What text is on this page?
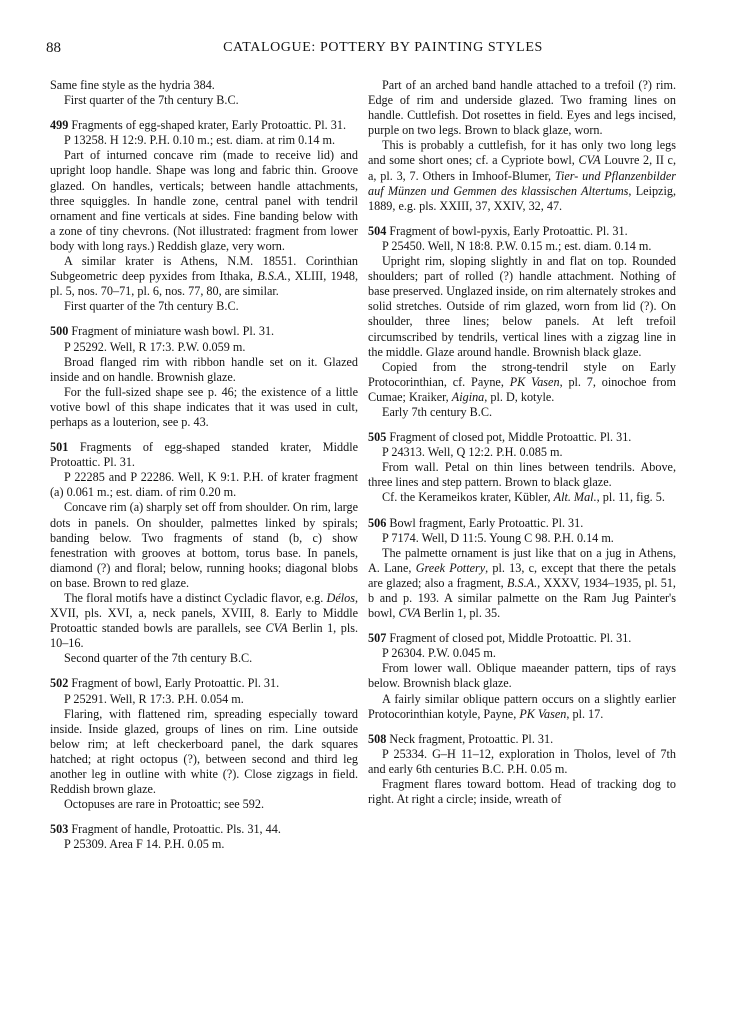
88	CATALOGUE: POTTERY BY PAINTING STYLES

Same fine style as the hydria 384.

First quarter of the 7th century B.C.

499 Fragments of egg-shaped krater, Early Protoattic. Pl. 31.

P 13258. H 12:9. P.H. 0.10 m.; est. diam. at rim 0.14 m.

Part of inturned concave rim (made to receive lid) and upright loop handle. Shape was long and fabric thin. Groove glazed. On handles, verticals; between handle attachments, three squiggles. In handle zone, central panel with tendril ornament and fine verticals at sides. Fine banding below with a zone of tiny chevrons. (Not illustrated: fragment from lower body with long rays.) Reddish glaze, very worn.

A similar krater is Athens, N.M. 18551. Corinthian Subgeometric deep pyxides from Ithaka, B.S.A., XLIII, 1948, pl. 5, nos. 70–71, pl. 6, nos. 77, 80, are similar.

First quarter of the 7th century B.C.

500 Fragment of miniature wash bowl. Pl. 31.

P 25292. Well, R 17:3. P.W. 0.059 m.

Broad flanged rim with ribbon handle set on it. Glazed inside and on handle. Brownish glaze.

For the full-sized shape see p. 46; the existence of a little votive bowl of this shape indicates that it was used in cult, perhaps as a louterion, see p. 43.

501 Fragments of egg-shaped standed krater, Middle Protoattic. Pl. 31.

P 22285 and P 22286. Well, K 9:1. P.H. of krater fragment (a) 0.061 m.; est. diam. of rim 0.20 m.

Concave rim (a) sharply set off from shoulder. On rim, large dots in panels. On shoulder, palmettes linked by spirals; banding below. Two fragments of stand (b, c) show fenestration with grooves at bottom, torus base. In panels, diamond (?) and floral; below, running hooks; diagonal blobs on base. Brown to red glaze.

The floral motifs have a distinct Cycladic flavor, e.g. Délos, XVII, pls. XVI, a, neck panels, XVIII, 8. Early to Middle Protoattic standed bowls are parallels, see CVA Berlin 1, pls. 10–16.

Second quarter of the 7th century B.C.

502 Fragment of bowl, Early Protoattic. Pl. 31.

P 25291. Well, R 17:3. P.H. 0.054 m.

Flaring, with flattened rim, spreading especially toward inside. Inside glazed, groups of lines on rim. Line outside below rim; at left checkerboard panel, the dark squares hatched; at right octopus (?), between second and third leg another leg in outline with white (?). Close zigzags in field. Reddish brown glaze.

Octopuses are rare in Protoattic; see 592.

503 Fragment of handle, Protoattic. Pls. 31, 44.

P 25309. Area F 14. P.H. 0.05 m.

Part of an arched band handle attached to a trefoil (?) rim. Edge of rim and underside glazed. Two framing lines on handle. Cuttlefish. Dot rosettes in field. Eyes and legs incised, purple on two legs. Brown to black glaze, worn.

This is probably a cuttlefish, for it has only two long legs and some short ones; cf. a Cypriote bowl, CVA Louvre 2, II c, a, pl. 3, 7. Others in Imhoof-Blumer, Tier- und Pflanzenbilder auf Münzen und Gemmen des klassischen Altertums, Leipzig, 1889, e.g. pls. XXIII, 37, XXIV, 32, 47.

504 Fragment of bowl-pyxis, Early Protoattic. Pl. 31.

P 25450. Well, N 18:8. P.W. 0.15 m.; est. diam. 0.14 m.

Upright rim, sloping slightly in and flat on top. Rounded shoulders; part of rolled (?) handle attachment. Nothing of base preserved. Unglazed inside, on rim alternately strokes and solid stretches. Outside of rim glazed, worn from lid (?). On shoulder, three lines; below panels. At left trefoil circumscribed by tendrils, vertical lines with a zigzag line in the middle. Glaze around handle. Brownish black glaze.

Copied from the strong-tendril style on Early Protocorinthian, cf. Payne, PK Vasen, pl. 7, oinochoe from Cumae; Kraiker, Aigina, pl. D, kotyle.

Early 7th century B.C.

505 Fragment of closed pot, Middle Protoattic. Pl. 31.

P 24313. Well, Q 12:2. P.H. 0.085 m.

From wall. Petal on thin lines between tendrils. Above, three lines and step pattern. Brown to black glaze.

Cf. the Kerameikos krater, Kübler, Alt. Mal., pl. 11, fig. 5.

506 Bowl fragment, Early Protoattic. Pl. 31.

P 7174. Well, D 11:5. Young C 98. P.H. 0.14 m.

The palmette ornament is just like that on a jug in Athens, A. Lane, Greek Pottery, pl. 13, c, except that there the petals are glazed; also a fragment, B.S.A., XXXV, 1934–1935, pl. 51, b and p. 193. A similar palmette on the Ram Jug Painter's bowl, CVA Berlin 1, pl. 35.

507 Fragment of closed pot, Middle Protoattic. Pl. 31.

P 26304. P.W. 0.045 m.

From lower wall. Oblique maeander pattern, tips of rays below. Brownish black glaze.

A fairly similar oblique pattern occurs on a slightly earlier Protocorinthian kotyle, Payne, PK Vasen, pl. 17.

508 Neck fragment, Protoattic. Pl. 31.

P 25334. G–H 11–12, exploration in Tholos, level of 7th and early 6th centuries B.C. P.H. 0.05 m.

Fragment flares toward bottom. Head of tracking dog to right. At right a circle; inside, wreath of
